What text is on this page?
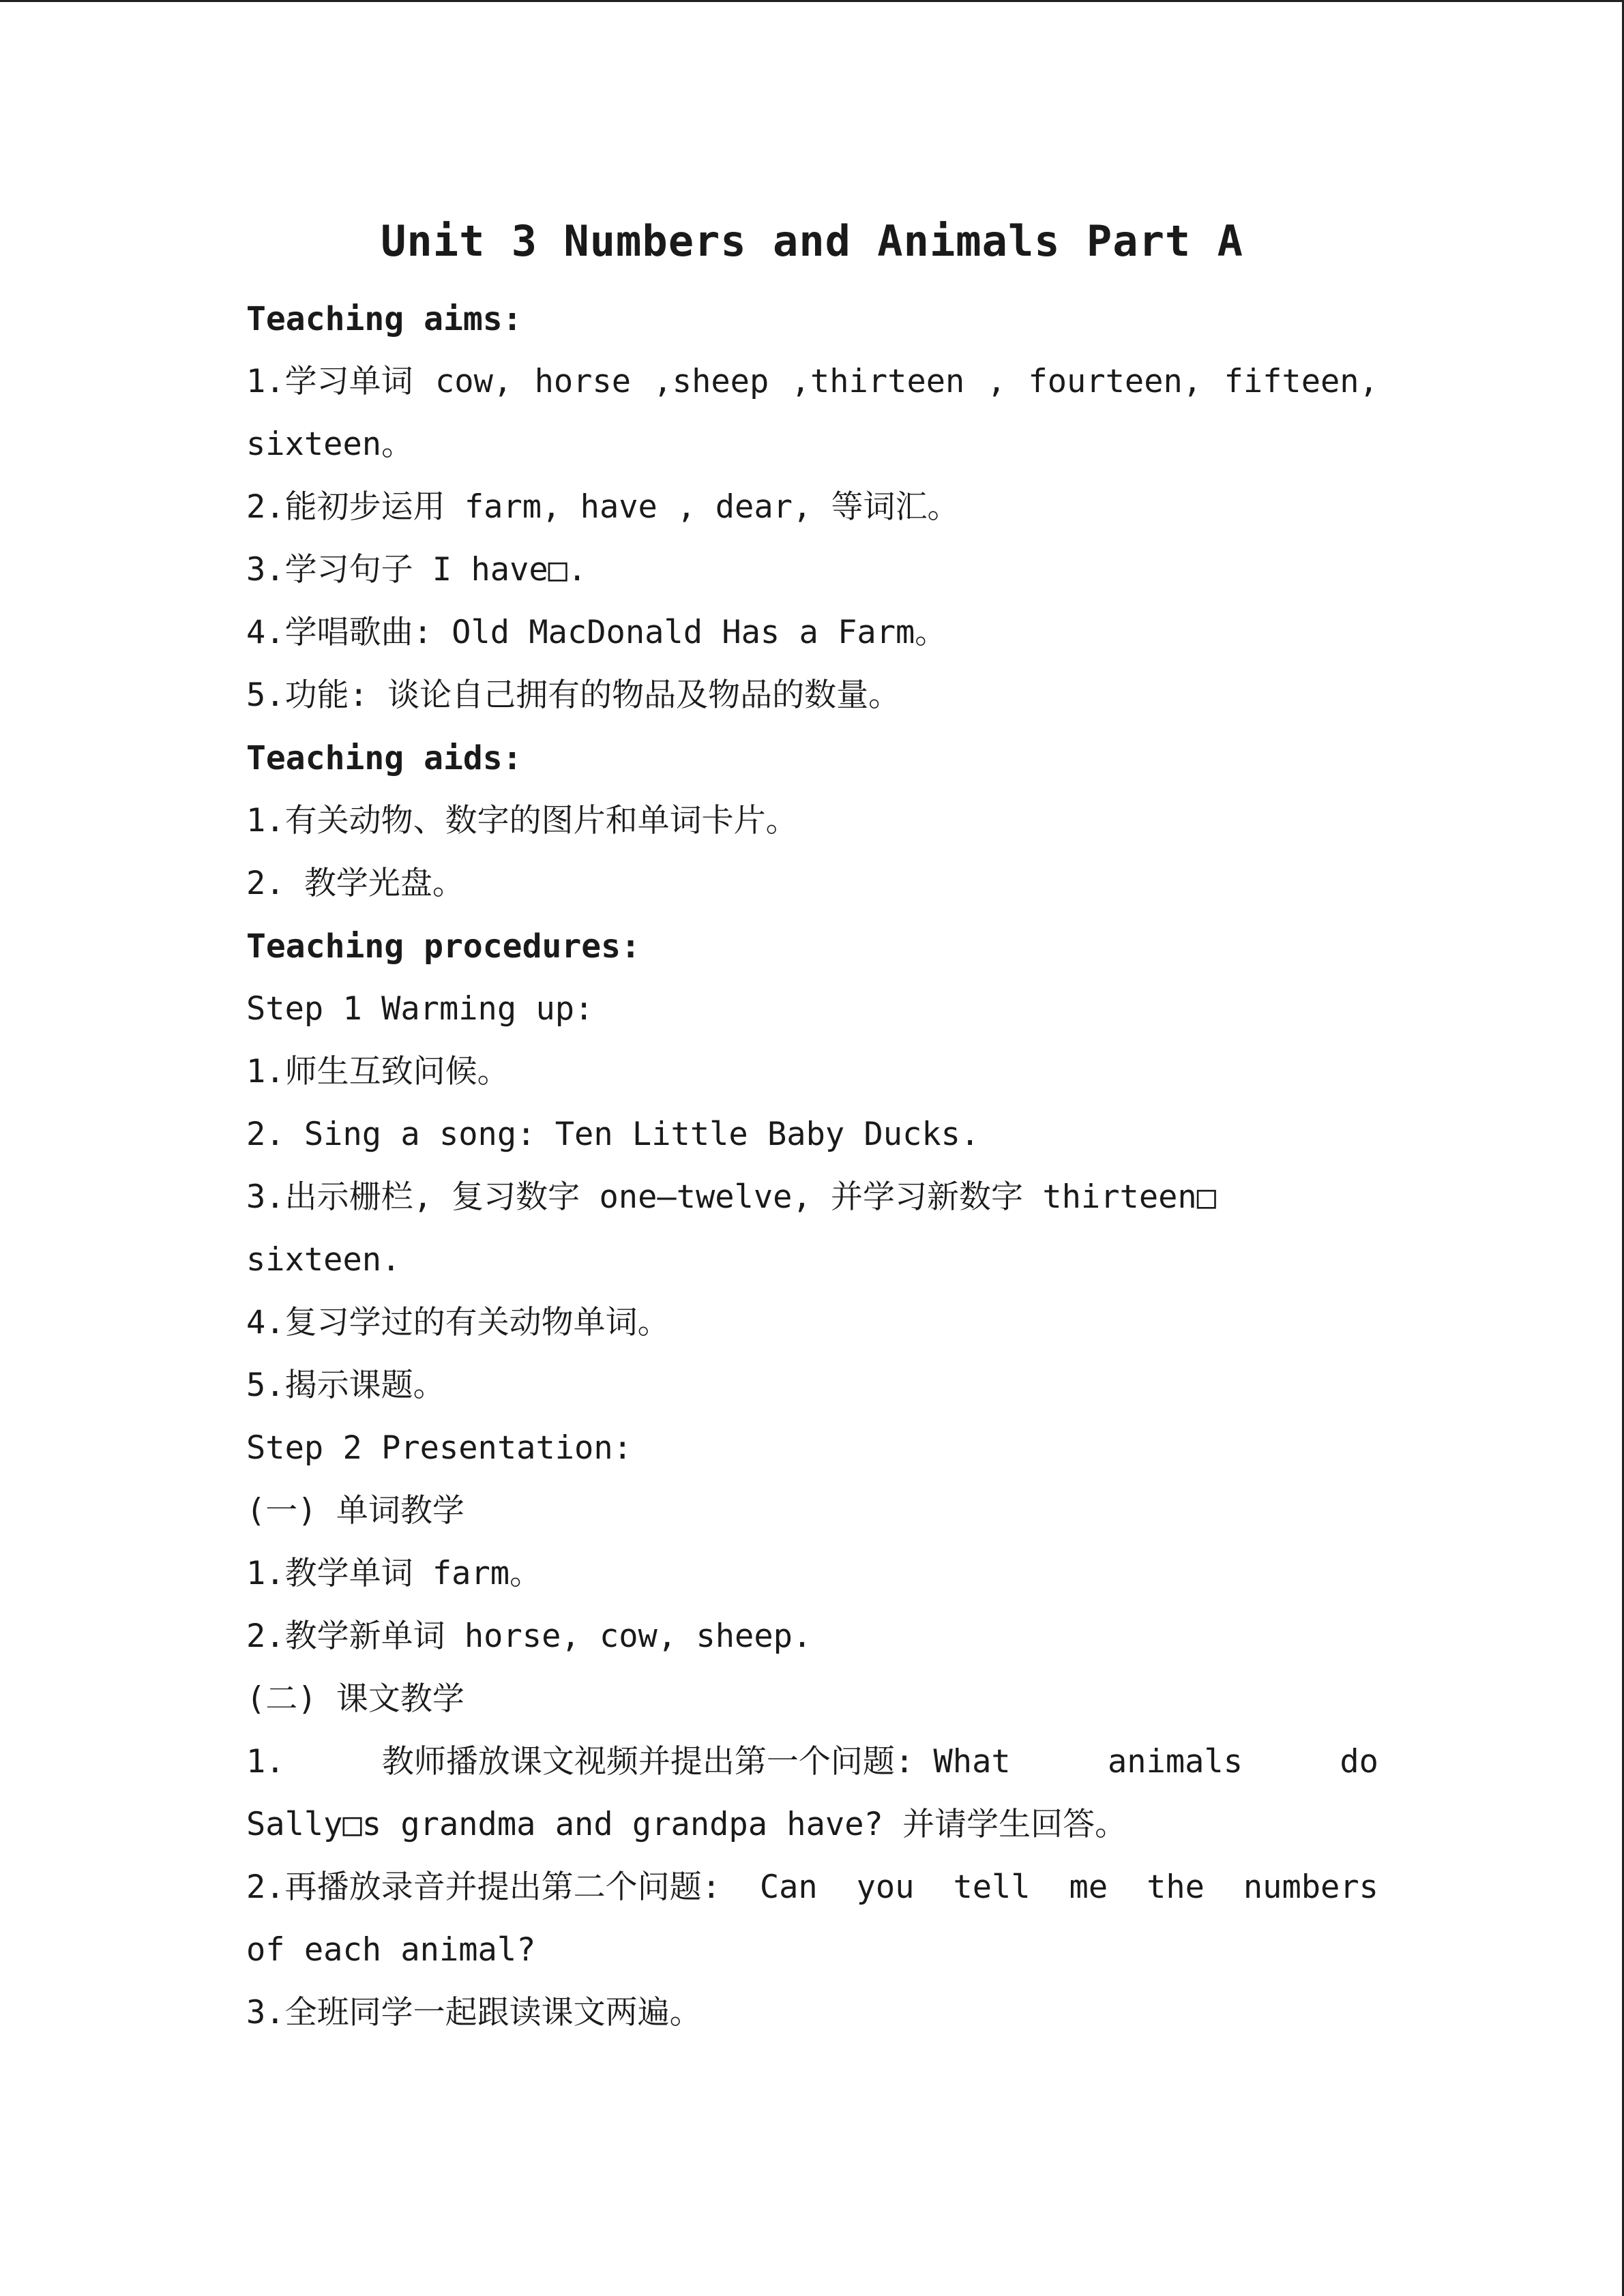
Unit 3 Numbers and Animals Part A
Teaching aims:
1.学习单词 cow, horse ,sheep ,thirteen , fourteen, fifteen,
sixteen。
2.能初步运用 farm, have , dear, 等词汇。
3.学习句子 I have□.
4.学唱歌曲: Old MacDonald Has a Farm。
5.功能: 谈论自己拥有的物品及物品的数量。
Teaching aids:
1.有关动物、数字的图片和单词卡片。
2. 教学光盘。
Teaching procedures:
Step 1 Warming up:
1.师生互致问候。
2. Sing a song: Ten Little Baby Ducks.
3.出示栅栏, 复习数字 one—twelve, 并学习新数字 thirteen□
sixteen.
4.复习学过的有关动物单词。
5.揭示课题。
Step 2 Presentation:
(一) 单词教学
1.教学单词 farm。
2.教学新单词 horse, cow, sheep.
(二) 课文教学
1.	教师播放课文视频并提出第一个问题: What	animals	do
Sally□s grandma and grandpa have? 并请学生回答。
2.再播放录音并提出第二个问题: Can you tell me the numbers
of each animal?
3.全班同学一起跟读课文两遍。
